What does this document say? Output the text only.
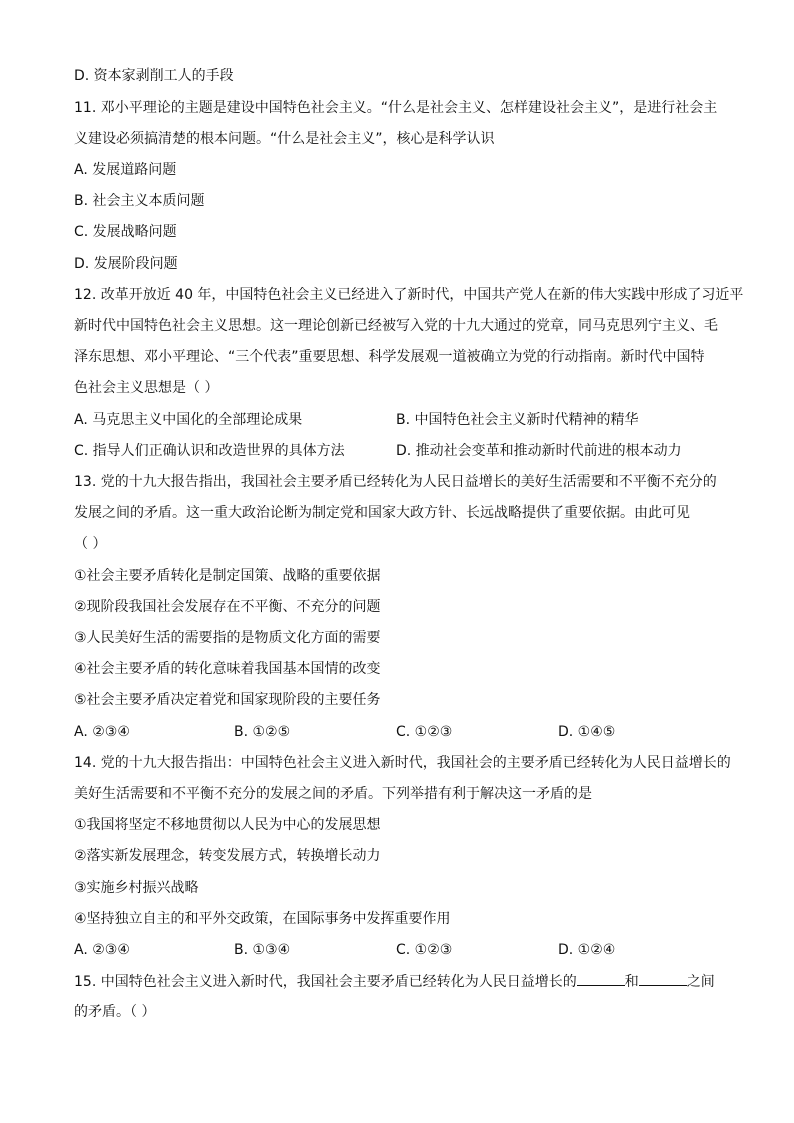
D. 资本家剥削工人的手段
11. 邓小平理论的主题是建设中国特色社会主义。“什么是社会主义、怎样建设社会主义”，是进行社会主
义建设必须搞清楚的根本问题。“什么是社会主义”，核心是科学认识
A. 发展道路问题
B. 社会主义本质问题
C. 发展战略问题
D. 发展阶段问题
12. 改革开放近 40 年，中国特色社会主义已经进入了新时代，中国共产党人在新的伟大实践中形成了习近平
新时代中国特色社会主义思想。这一理论创新已经被写入党的十九大通过的党章，同马克思列宁主义、毛
泽东思想、邓小平理论、“三个代表”重要思想、科学发展观一道被确立为党的行动指南。新时代中国特
色社会主义思想是（ ）
A. 马克思主义中国化的全部理论成果	B. 中国特色社会主义新时代精神的精华
C. 指导人们正确认识和改造世界的具体方法	D. 推动社会变革和推动新时代前进的根本动力
13. 党的十九大报告指出，我国社会主要矛盾已经转化为人民日益增长的美好生活需要和不平衡不充分的
发展之间的矛盾。这一重大政治论断为制定党和国家大政方针、长远战略提供了重要依据。由此可见
（ ）
①社会主要矛盾转化是制定国策、战略的重要依据
②现阶段我国社会发展存在不平衡、不充分的问题
③人民美好生活的需要指的是物质文化方面的需要
④社会主要矛盾的转化意味着我国基本国情的改变
⑤社会主要矛盾决定着党和国家现阶段的主要任务
A. ②③④	B. ①②⑤	C. ①②③	D. ①④⑤
14. 党的十九大报告指出：中国特色社会主义进入新时代，我国社会的主要矛盾已经转化为人民日益增长的
美好生活需要和不平衡不充分的发展之间的矛盾。下列举措有利于解决这一矛盾的是
①我国将坚定不移地贯彻以人民为中心的发展思想
②落实新发展理念，转变发展方式，转换增长动力
③实施乡村振兴战略
④坚持独立自主的和平外交政策，在国际事务中发挥重要作用
A. ②③④	B. ①③④	C. ①②③	D. ①②④
15. 中国特色社会主义进入新时代，我国社会主要矛盾已经转化为人民日益增长的	和	之间
的矛盾。（ ）
